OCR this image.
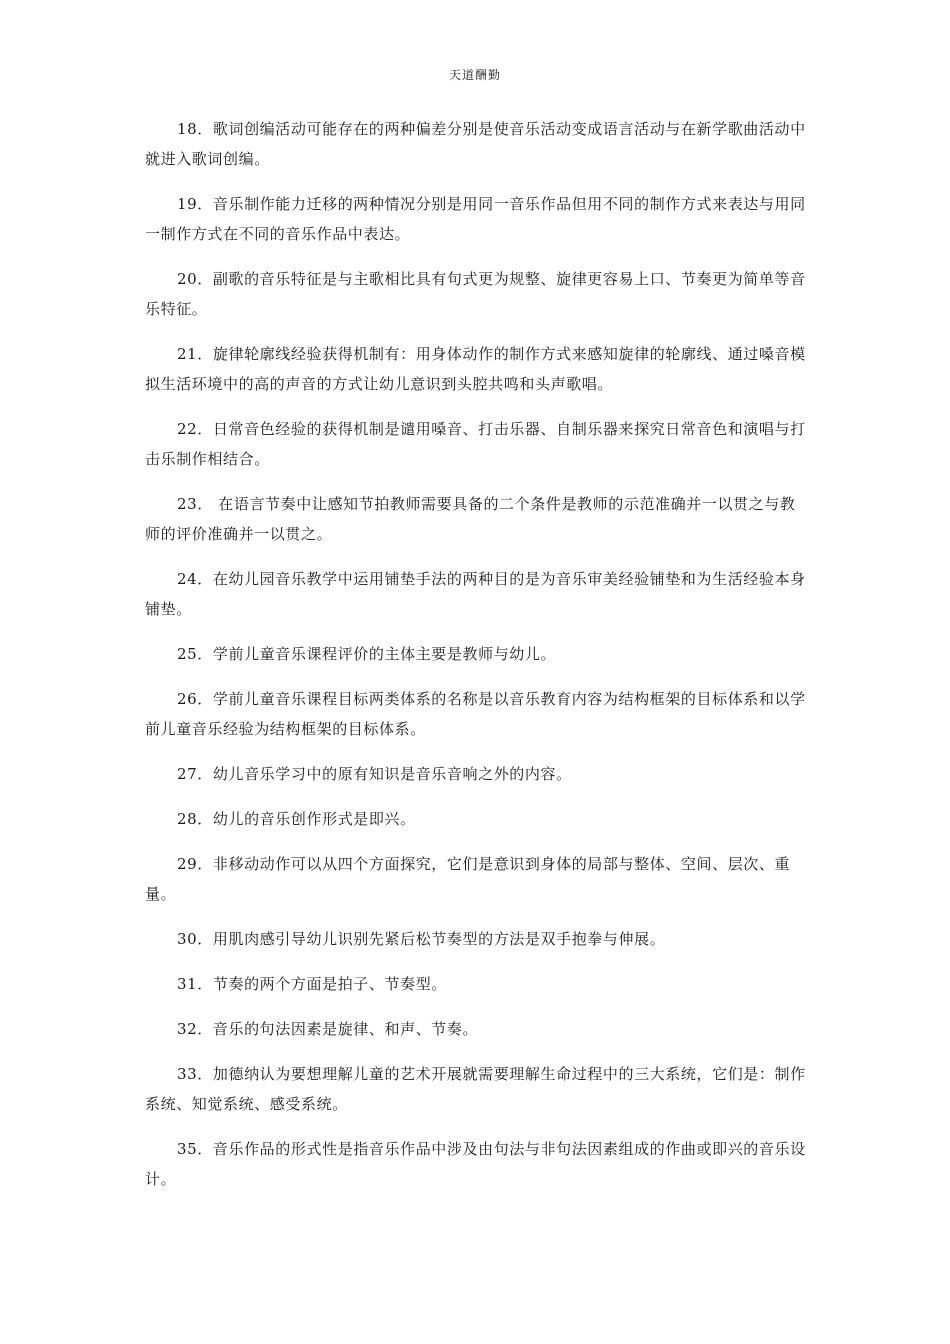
天道酬勤

18．歌词创编活动可能存在的两种偏差分别是使音乐活动变成语言活动与在新学歌曲活动中就进入歌词创编。

19．音乐制作能力迁移的两种情况分别是用同一音乐作品但用不同的制作方式来表达与用同一制作方式在不同的音乐作品中表达。

20．副歌的音乐特征是与主歌相比具有句式更为规整、旋律更容易上口、节奏更为简单等音乐特征。

21．旋律轮廓线经验获得机制有：用身体动作的制作方式来感知旋律的轮廓线、通过嗓音模拟生活环境中的高的声音的方式让幼儿意识到头腔共鸣和头声歌唱。

22．日常音色经验的获得机制是谴用嗓音、打击乐器、自制乐器来探究日常音色和演唱与打击乐制作相结合。

23． 在语言节奏中让感知节拍教师需要具备的二个条件是教师的示范准确并一以贯之与教师的评价准确并一以贯之。

24．在幼儿园音乐教学中运用铺垫手法的两种目的是为音乐审美经验铺垫和为生活经验本身铺垫。

25．学前儿童音乐课程评价的主体主要是教师与幼儿。

26．学前儿童音乐课程目标两类体系的名称是以音乐教育内容为结构框架的目标体系和以学前儿童音乐经验为结构框架的目标体系。

27．幼儿音乐学习中的原有知识是音乐音响之外的内容。

28．幼儿的音乐创作形式是即兴。

29．非移动动作可以从四个方面探究，它们是意识到身体的局部与整体、空间、层次、重量。

30．用肌肉感引导幼儿识别先紧后松节奏型的方法是双手抱拳与伸展。

31．节奏的两个方面是拍子、节奏型。

32．音乐的句法因素是旋律、和声、节奏。

33．加德纳认为要想理解儿童的艺术开展就需要理解生命过程中的三大系统，它们是：制作系统、知觉系统、感受系统。

35．音乐作品的形式性是指音乐作品中涉及由句法与非句法因素组成的作曲或即兴的音乐设计。
